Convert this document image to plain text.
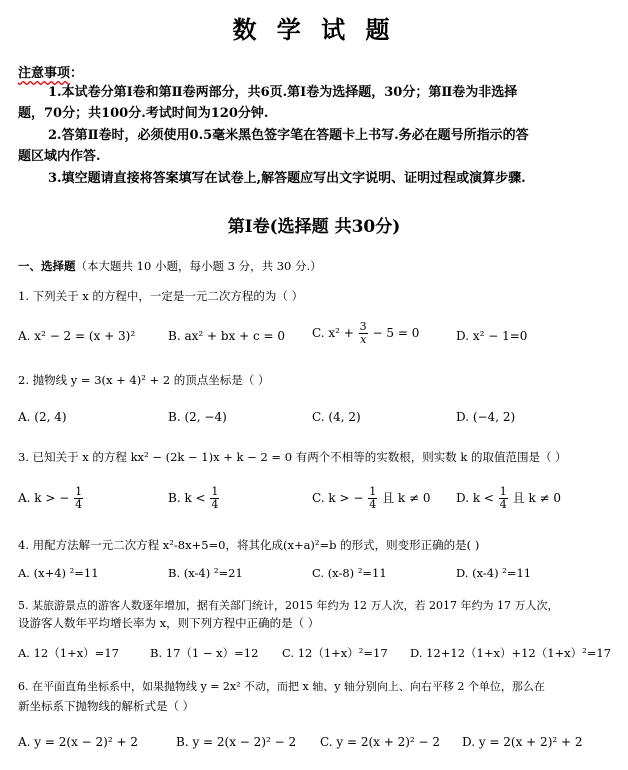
数 学 试 题
注意事项：
1.本试卷分第Ⅰ卷和第Ⅱ卷两部分，共6页.第Ⅰ卷为选择题，30分；第Ⅱ卷为非选择
题，70分；共100分.考试时间为120分钟.
2.答第Ⅱ卷时，必须使用0.5毫米黑色签字笔在答题卡上书写.务必在题号所指示的答
题区域内作答.
3.填空题请直接将答案填写在试卷上,解答题应写出文字说明、证明过程或演算步骤.
第Ⅰ卷(选择题 共30分)
一、选择题（本大题共 10 小题，每小题 3 分，共 30 分.）
1. 下列关于 x 的方程中，一定是一元二次方程的为（ ）
A. x² − 2 = (x + 3)²	B. ax² + bx + c = 0 C. $x^2 + \frac{3}{x} - 5 = 0$	D. x² − 1=0
2. 抛物线 y = 3(x + 4)² + 2 的顶点坐标是（ ）
A. (2, 4)	B. (2, −4)	C. (4, 2)	D. (−4, 2)
3. 已知关于 x 的方程 kx² − (2k − 1)x + k − 2 = 0 有两个不相等的实数根，则实数 k 的取值范围是（ ）
A. k > − $\frac{1}{4}$	B. $k < \frac{1}{4}$	C. k > − $\frac{1}{4}$ 且 k ≠ 0 D. $k < \frac{1}{4}$ 且 k ≠ 0
4. 用配方法解一元二次方程 x²-8x+5=0，将其化成(x+a)²=b 的形式，则变形正确的是( )
A. (x+4) ²=11	B. (x-4) ²=21	C. (x-8) ²=11	D. (x-4) ²=11
5. 某旅游景点的游客人数逐年增加，据有关部门统计，2015 年约为 12 万人次，若 2017 年约为 17 万人次，
设游客人数年平均增长率为 x，则下列方程中正确的是（ ）
A. 12（1+x）=17	B. 17（1 − x）=12 C. 12（1+x）²=17 D. 12+12（1+x）+12（1+x）²=17
6. 在平面直角坐标系中，如果抛物线 y = 2x² 不动，而把 x 轴、y 轴分别向上、向右平移 2 个单位，那么在
新坐标系下抛物线的解析式是（ ）
A. y = 2(x − 2)² + 2	B. y = 2(x − 2)² − 2 C. y = 2(x + 2)² − 2 D. y = 2(x + 2)² + 2
